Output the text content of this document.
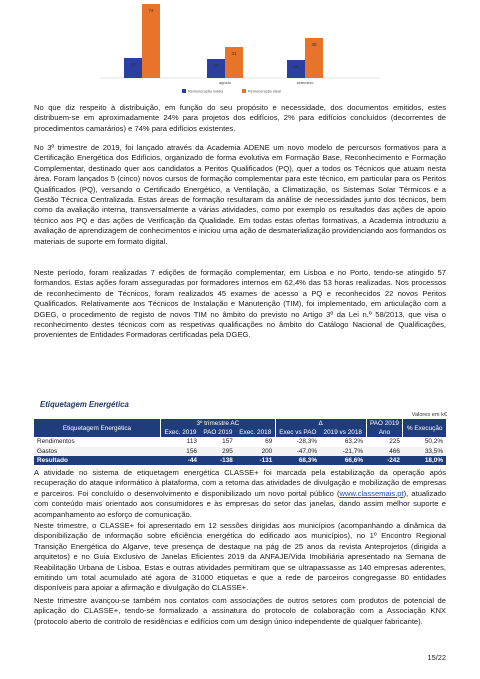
20
74
19
31
agosto
18
40
setembro
Remuneração média	Remuneração ideal

No que diz respeito à distribuição, em função do seu propósito e necessidade, dos documentos emitidos, estes distribuem-se em aproximadamente 24% para projetos dos edifícios, 2% para edifícios concluídos (decorrentes de procedimentos camarários) e 74% para edifícios existentes.

No 3º trimestre de 2019, foi lançado através da Academia ADENE um novo modelo de percursos formativos para a Certificação Energética dos Edifícios, organizado de forma evolutiva em Formação Base, Reconhecimento e Formação Complementar, destinado quer aos candidatos a Peritos Qualificados (PQ), quer a todos os Técnicos que atuam nesta área. Foram lançados 5 (cinco) novos cursos de formação complementar para este técnico, em particular para os Peritos Qualificados (PQ), versando o Certificado Energético, a Ventilação, a Climatização, os Sistemas Solar Térmicos e a Gestão Técnica Centralizada. Estas áreas de formação resultaram da análise de necessidades junto dos técnicos, bem como da avaliação interna, transversalmente a várias atividades, como por exemplo os resultados das ações de apoio técnico aos PQ e das ações de Verificação da Qualidade. Em todas estas ofertas formativas, a Academia introduziu a avaliação de aprendizagem de conhecimentos e iniciou uma ação de desmaterialização providenciando aos formandos os materiais de suporte em formato digital.

Neste período, foram realizadas 7 edições de formação complementar, em Lisboa e no Porto, tendo-se atingido 57 formandos. Estas ações foram asseguradas por formadores internos em 62,4% das 53 horas realizadas. Nos processos de reconhecimento de Técnicos, foram realizados 45 exames de acesso a PQ e reconhecidos 22 novos Peritos Qualificados. Relativamente aos Técnicos de Instalação e Manutenção (TIM), foi implementado, em articulação com a DGEG, o procedimento de registo de novos TIM no âmbito do previsto no Artigo 3º da Lei n.º 58/2013, que visa o reconhecimento destes técnicos com as respetivas qualificações no âmbito do Catálogo Nacional de Qualificações, provenientes de Entidades Formadoras certificadas pela DGEG.

Etiquetagem Energética
Valores em k€
Etiquetagem Energética	3º trimestre AC			Δ		PAO 2019	% Execução
	Exec. 2019	PAO 2019	Exec. 2018	Exec vs PAO	2019 vs 2018	Ano	
Rendimentos	113	157	69	-28,3%	63,2%	225	50,2%
Gastos	156	295	200	-47,0%	-21,7%	466	33,5%
Resultado	-44	-138	-131	68,3%	66,6%	-242	18,0%

A atividade no sistema de etiquetagem energética CLASSE+ foi marcada pela estabilização da operação após recuperação do ataque informático à plataforma, com a retoma das atividades de divulgação e mobilização de empresas e parceiros. Foi concluído o desenvolvimento e disponibilizado um novo portal público (www.classemais.pt), atualizado com conteúdo mais orientado aos consumidores e às empresas do setor das janelas, dando assim melhor suporte e acompanhamento ao esforço de comunicação.

Neste trimestre, o CLASSE+ foi apresentado em 12 sessões dirigidas aos municípios (acompanhando a dinâmica da disponibilização de informação sobre eficiência energética do edificado aos municípios), no 1º Encontro Regional Transição Energética do Algarve, teve presença de destaque na pág de 25 anos da revista Anteprojetos (dirigida a arquitetos) e no Guia Exclusivo de Janelas Eficientes 2019 da ANFAJE/Vida Imobiliária apresentado na Semana de Reabilitação Urbana de Lisboa. Estas e outras atividades permitiram que se ultrapassasse as 140 empresas aderentes, emitindo um total acumulado até agora de 31000 etiquetas e que a rede de parceiros congregasse 80 entidades disponíveis para apoiar a afirmação e divulgação do CLASSE+.

Neste trimestre avançou-se também nos contatos com associações de outros setores com produtos de potencial de aplicação do CLASSE+, tendo-se formalizado a assinatura do protocolo de colaboração com a Associação KNX (protocolo aberto de controlo de residências e edifícios com um design único independente de qualquer fabricante).

15/22
